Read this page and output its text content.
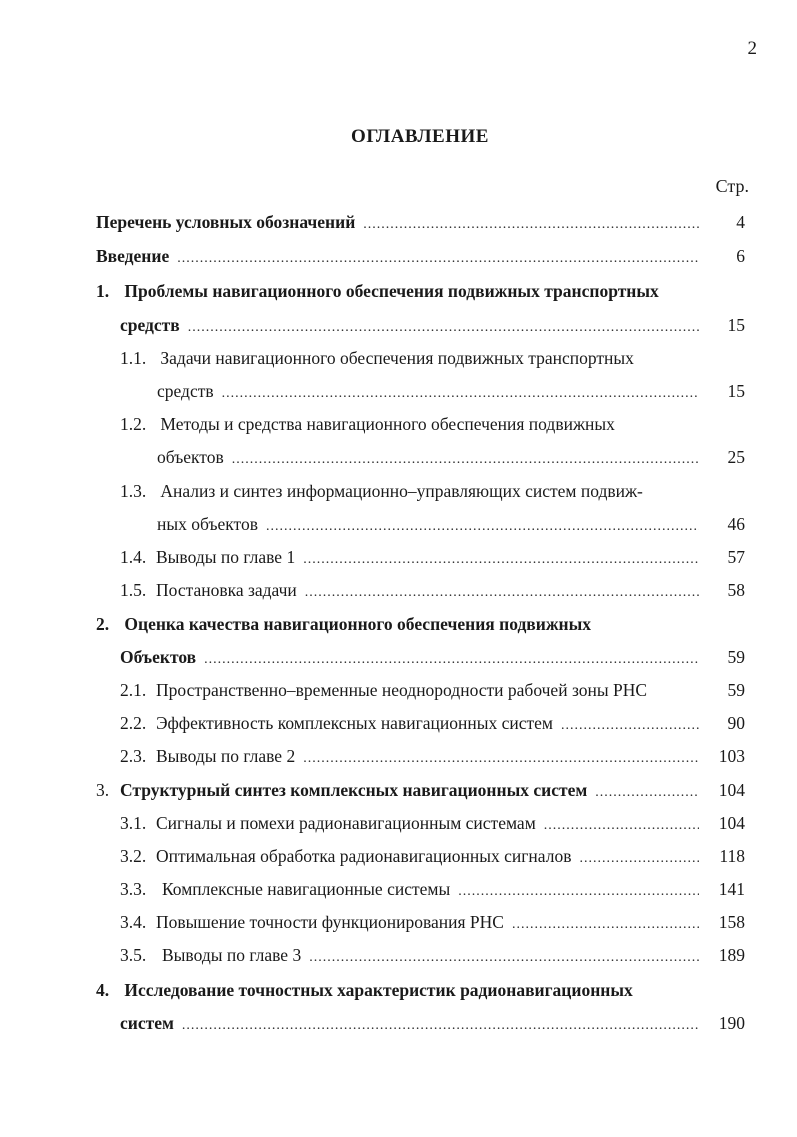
2
ОГЛАВЛЕНИЕ
Стр.
Перечень условных обозначений .....	4
Введение .....	6
1. Проблемы навигационного обеспечения подвижных транспортных
средств .....	15
1.1. Задачи навигационного обеспечения подвижных транспортных
средств .....	15
1.2. Методы и средства навигационного обеспечения подвижных
объектов .....	25
1.3. Анализ и синтез информационно–управляющих систем подвиж-
ных объектов .....	46
1.4. Выводы по главе 1 .....	57
1.5. Постановка задачи .....	58
2. Оценка качества навигационного обеспечения подвижных
Объектов .....	59
2.1. Пространственно–временные неоднородности рабочей зоны РНС	59
2.2. Эффективность комплексных навигационных систем .....	90
2.3. Выводы по главе 2 .....	103
3. Структурный синтез комплексных навигационных систем .....	104
3.1. Сигналы и помехи радионавигационным системам .....	104
3.2. Оптимальная обработка радионавигационных сигналов .....	118
3.3. Комплексные навигационные системы .....	141
3.4. Повышение точности функционирования РНС .....	158
3.5. Выводы по главе 3 .....	189
4. Исследование точностных характеристик радионавигационных
систем .....	190
